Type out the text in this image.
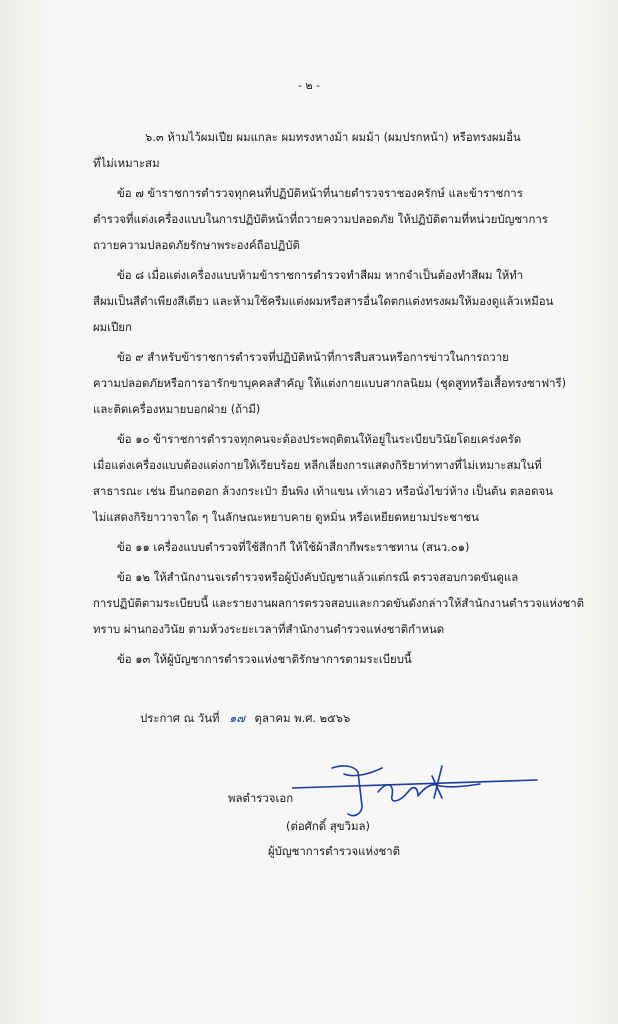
- ๒ -
๖.๓ ห้ามไว้ผมเปีย ผมแกละ ผมทรงหางม้า ผมม้า (ผมปรกหน้า) หรือทรงผมอื่น
ที่ไม่เหมาะสม
ข้อ ๗ ข้าราชการตำรวจทุกคนที่ปฏิบัติหน้าที่นายตำรวจราชองครักษ์ และข้าราชการ
ตำรวจที่แต่งเครื่องแบบในการปฏิบัติหน้าที่ถวายความปลอดภัย ให้ปฏิบัติตามที่หน่วยบัญชาการ
ถวายความปลอดภัยรักษาพระองค์ถือปฏิบัติ
ข้อ ๘ เมื่อแต่งเครื่องแบบห้ามข้าราชการตำรวจทำสีผม หากจำเป็นต้องทำสีผม ให้ทำ
สีผมเป็นสีดำเพียงสีเดียว และห้ามใช้ครีมแต่งผมหรือสารอื่นใดตกแต่งทรงผมให้มองดูแล้วเหมือน
ผมเปียก
ข้อ ๙ สำหรับข้าราชการตำรวจที่ปฏิบัติหน้าที่การสืบสวนหรือการข่าวในการถวาย
ความปลอดภัยหรือการอารักขาบุคคลสำคัญ ให้แต่งกายแบบสากลนิยม (ชุดสูทหรือเสื้อทรงซาฟารี)
และติดเครื่องหมายบอกฝ่าย (ถ้ามี)
ข้อ ๑๐ ข้าราชการตำรวจทุกคนจะต้องประพฤติตนให้อยู่ในระเบียบวินัยโดยเคร่งครัด
เมื่อแต่งเครื่องแบบต้องแต่งกายให้เรียบร้อย หลีกเลี่ยงการแสดงกิริยาท่าทางที่ไม่เหมาะสมในที่
สาธารณะ เช่น ยืนกอดอก ล้วงกระเป๋า ยืนพิง เท้าแขน เท้าเอว หรือนั่งไขว่ห้าง เป็นต้น ตลอดจน
ไม่แสดงกิริยาวาจาใด ๆ ในลักษณะหยาบคาย ดูหมิ่น หรือเหยียดหยามประชาชน
ข้อ ๑๑ เครื่องแบบตำรวจที่ใช้สีกากี ให้ใช้ผ้าสีกากีพระราชทาน (สนว.๐๑)
ข้อ ๑๒ ให้สำนักงานจเรตำรวจหรือผู้บังคับบัญชาแล้วแต่กรณี ตรวจสอบกวดขันดูแล
การปฏิบัติตามระเบียบนี้ และรายงานผลการตรวจสอบและกวดขันดังกล่าวให้สำนักงานตำรวจแห่งชาติ
ทราบ ผ่านกองวินัย ตามห้วงระยะเวลาที่สำนักงานตำรวจแห่งชาติกำหนด
ข้อ ๑๓ ให้ผู้บัญชาการตำรวจแห่งชาติรักษาการตามระเบียบนี้
ประกาศ ณ วันที่ ๑๗ ตุลาคม พ.ศ. ๒๕๖๖
พลตำรวจเอก
(ต่อศักดิ์ สุขวิมล)
ผู้บัญชาการตำรวจแห่งชาติ
